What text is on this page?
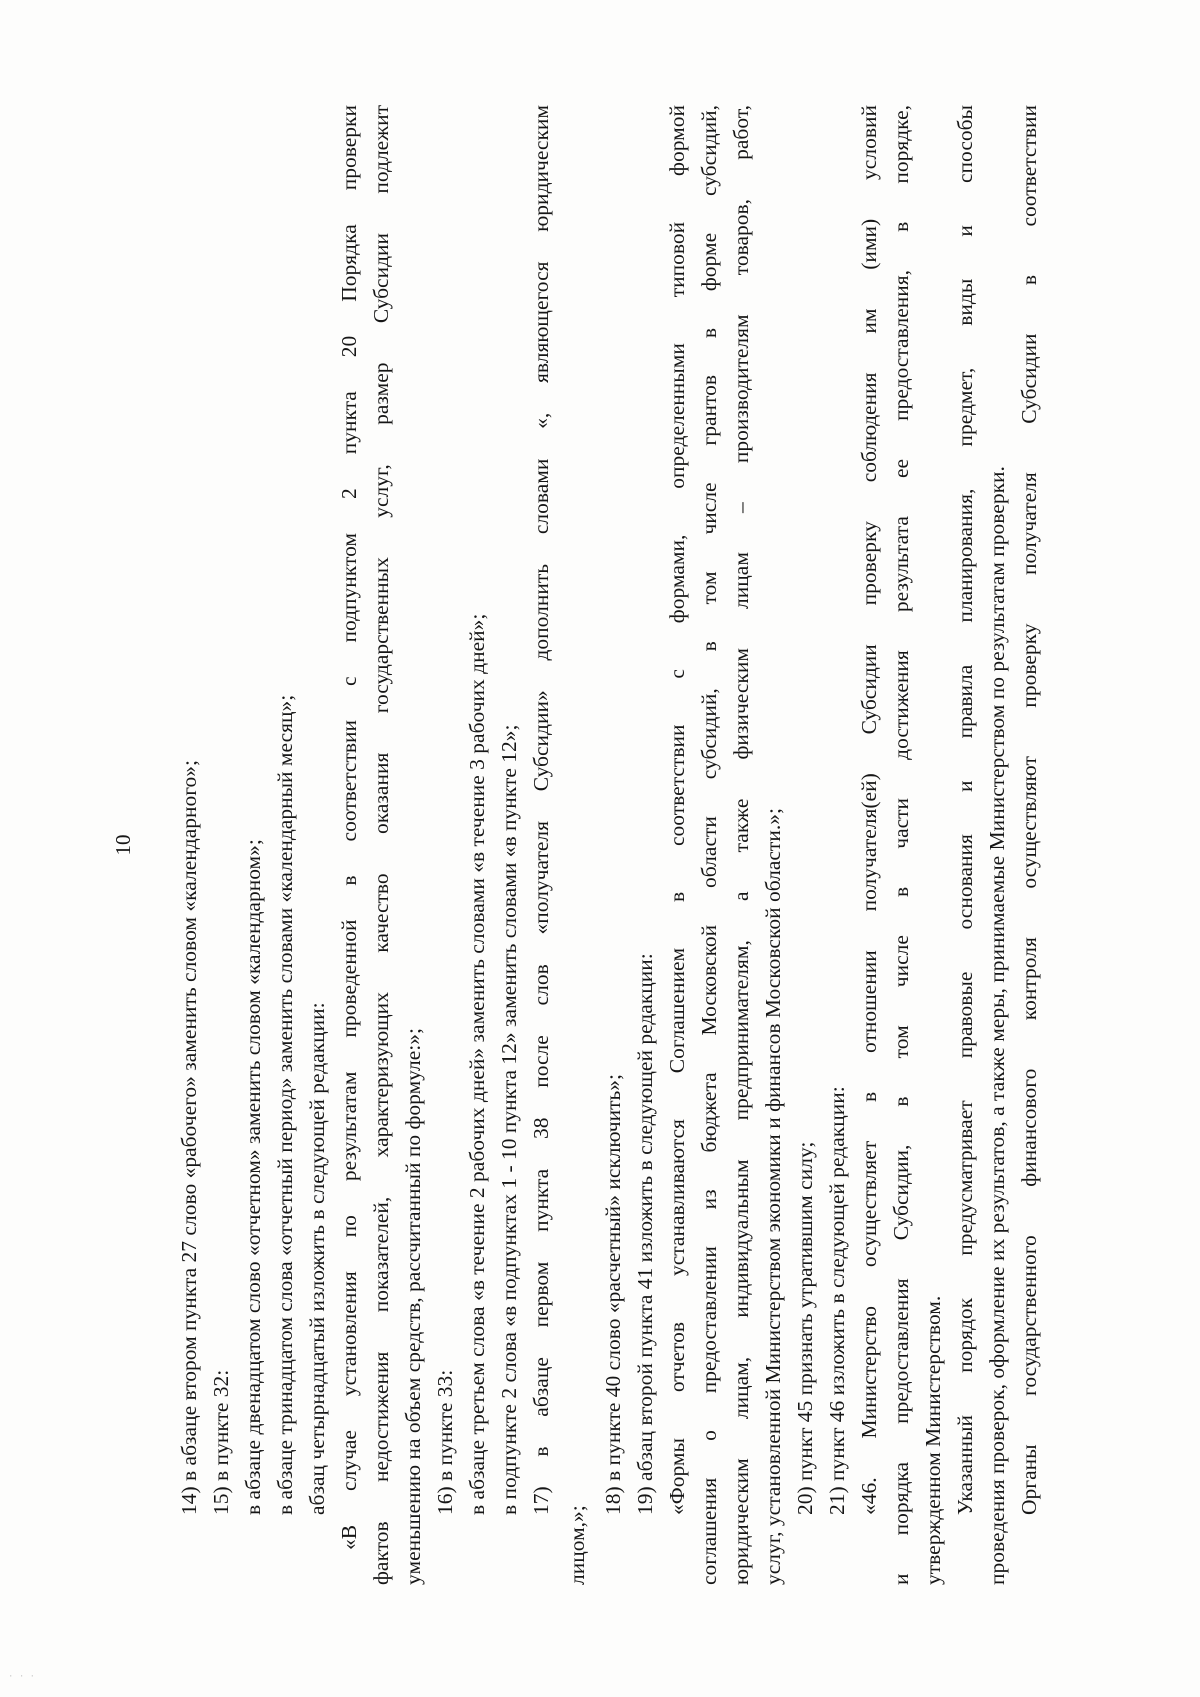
10 14) в абзаце втором пункта 27 слово «рабочего» заменить словом «календарного»; 15) в пункте 32: в абзаце двенадцатом слово «отчетном» заменить словом «календарном»; в абзаце тринадцатом слова «отчетный период» заменить словами «календарный месяц»; абзац четырнадцатый изложить в следующей редакции: «В случае установления по результатам проведенной в соответствии с подпунктом 2 пункта 20 Порядка проверки фактов недостижения показателей, характеризующих качество оказания государственных услуг, размер Субсидии подлежит уменьшению на объем средств, рассчитанный по формуле:»; 16) в пункте 33: в абзаце третьем слова «в течение 2 рабочих дней» заменить словами «в течение 3 рабочих дней»; в подпункте 2 слова «в подпунктах 1 - 10 пункта 12» заменить словами «в пункте 12»; 17) в абзаце первом пункта 38 после слов «получателя Субсидии» дополнить словами «, являющегося юридическим
лицом,»;
18) в пункте 40 слово «расчетный» исключить»; 19) абзац второй пункта 41 изложить в следующей редакции: «Формы отчетов устанавливаются Соглашением в соответствии с формами, определенными типовой формой соглашения о предоставлении из бюджета Московской области субсидий, в том числе грантов в форме субсидий, юридическим лицам, индивидуальным предпринимателям, а также физическим лицам – производителям товаров, работ, услуг, установленной Министерством экономики и финансов Московской области.»; 20) пункт 45 признать утратившим силу; 21) пункт 46 изложить в следующей редакции: «46. Министерство осуществляет в отношении получателя(ей) Субсидии проверку соблюдения им (ими) условий и порядка предоставления Субсидии, в том числе в части достижения результата ее предоставления, в порядке, утвержденном Министерством. Указанный порядок предусматривает правовые основания и правила планирования, предмет, виды и способы проведения проверок, оформление их результатов, а также меры, принимаемые Министерством по результатам проверки. Органы государственного финансового контроля осуществляют проверку получателя Субсидии в соответствии
· · ·
